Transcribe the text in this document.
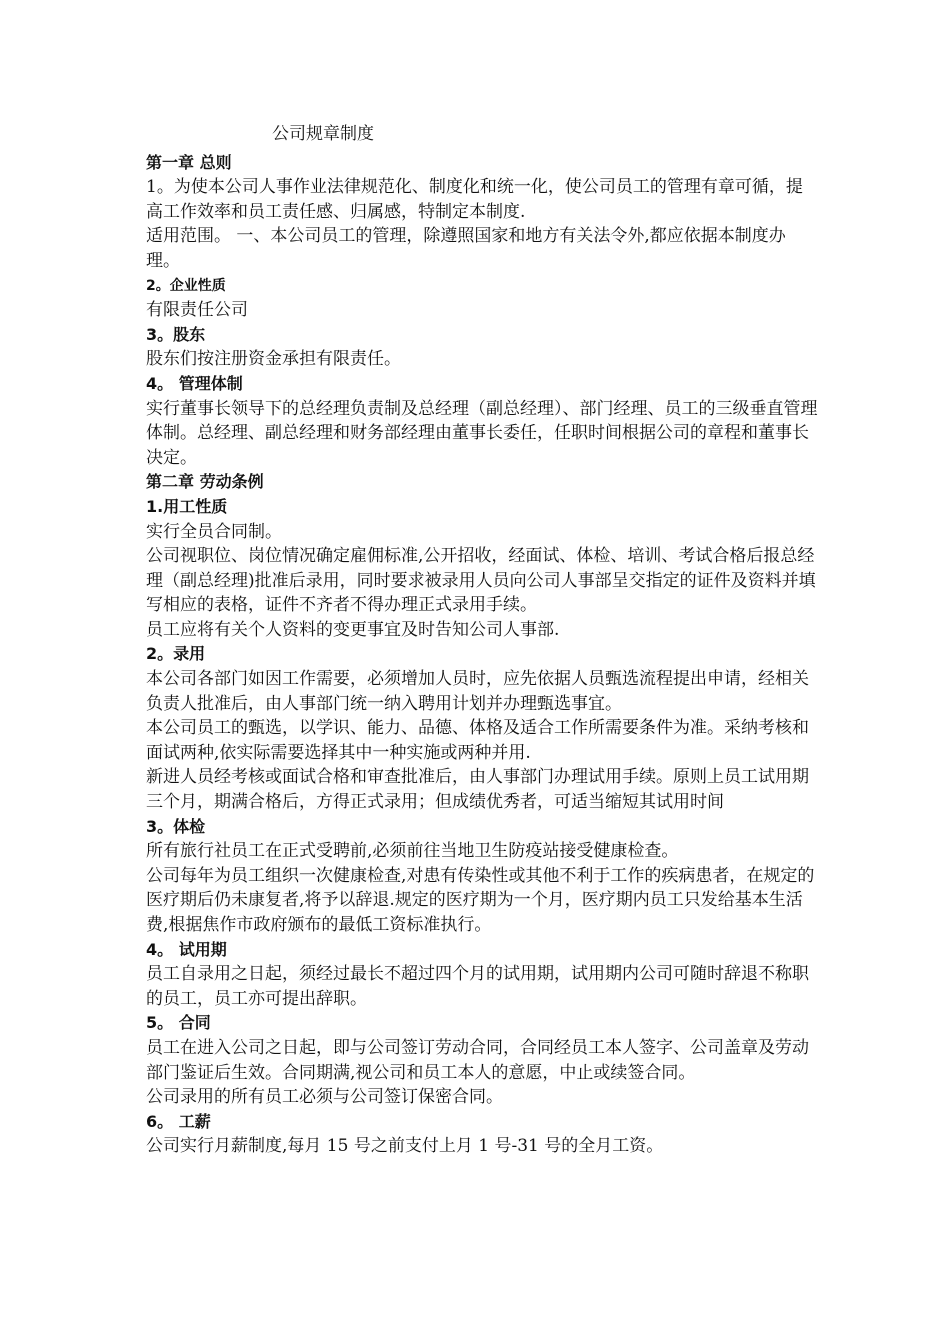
公司规章制度

第一章 总则

1。为使本公司人事作业法律规范化、制度化和统一化，使公司员工的管理有章可循，提高工作效率和员工责任感、归属感，特制定本制度.

适用范围。 一、本公司员工的管理，除遵照国家和地方有关法令外,都应依据本制度办理。

2。企业性质

有限责任公司

3。股东

股东们按注册资金承担有限责任。

4。 管理体制

实行董事长领导下的总经理负责制及总经理（副总经理）、部门经理、员工的三级垂直管理体制。总经理、副总经理和财务部经理由董事长委任，任职时间根据公司的章程和董事长决定。

第二章 劳动条例

1.用工性质

实行全员合同制。

公司视职位、岗位情况确定雇佣标准,公开招收，经面试、体检、培训、考试合格后报总经理（副总经理)批准后录用，同时要求被录用人员向公司人事部呈交指定的证件及资料并填写相应的表格，证件不齐者不得办理正式录用手续。

员工应将有关个人资料的变更事宜及时告知公司人事部.

2。录用

本公司各部门如因工作需要，必须增加人员时，应先依据人员甄选流程提出申请，经相关负责人批准后，由人事部门统一纳入聘用计划并办理甄选事宜。

本公司员工的甄选，以学识、能力、品德、体格及适合工作所需要条件为准。采纳考核和面试两种,依实际需要选择其中一种实施或两种并用.

新进人员经考核或面试合格和审查批准后，由人事部门办理试用手续。原则上员工试用期三个月，期满合格后，方得正式录用；但成绩优秀者，可适当缩短其试用时间

3。体检

所有旅行社员工在正式受聘前,必须前往当地卫生防疫站接受健康检查。

公司每年为员工组织一次健康检查,对患有传染性或其他不利于工作的疾病患者，在规定的医疗期后仍未康复者,将予以辞退.规定的医疗期为一个月，医疗期内员工只发给基本生活费,根据焦作市政府颁布的最低工资标准执行。

4。 试用期

员工自录用之日起，须经过最长不超过四个月的试用期，试用期内公司可随时辞退不称职的员工，员工亦可提出辞职。

5。 合同

员工在进入公司之日起，即与公司签订劳动合同，合同经员工本人签字、公司盖章及劳动部门鉴证后生效。合同期满,视公司和员工本人的意愿，中止或续签合同。

公司录用的所有员工必须与公司签订保密合同。

6。 工薪

公司实行月薪制度,每月 15 号之前支付上月 1 号-31 号的全月工资。
